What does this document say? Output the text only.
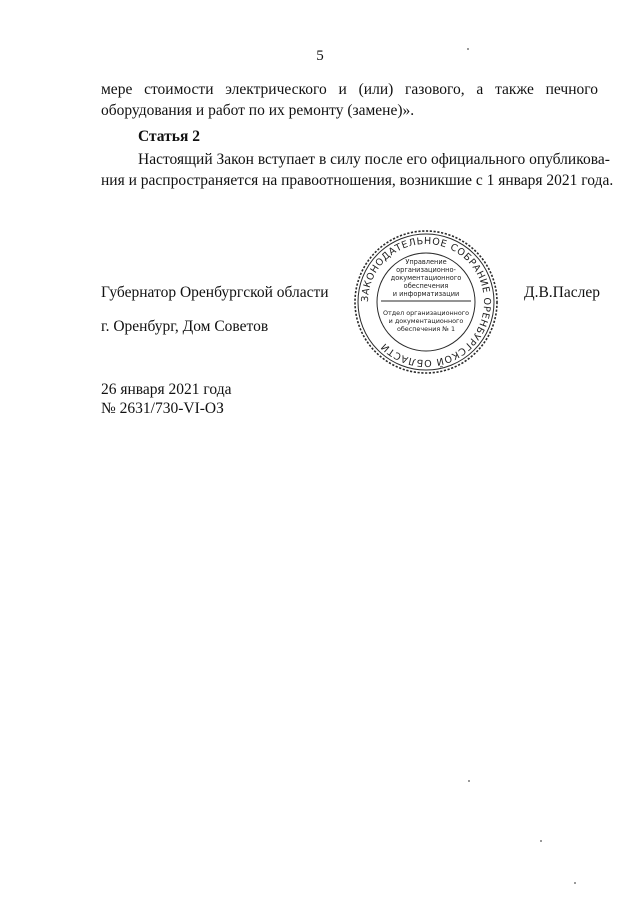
5
мере стоимости электрического и (или) газового, а также печного
оборудования и работ по их ремонту (замене)».
Статья 2
Настоящий Закон вступает в силу после его официального опубликова-
ния и распространяется на правоотношения, возникшие с 1 января 2021 года.
ЗАКОНОДАТЕЛЬНОЕ СОБРАНИЕ ОРЕНБУРГСКОЙ ОБЛАСТИ
Управление
организационно-
документационного
обеспечения
и информатизации
Отдел организационного
и документационного
обеспечения № 1
Губернатор Оренбургской области	Д.В.Паслер
г. Оренбург, Дом Советов
26 января 2021 года
№ 2631/730-VI-ОЗ
